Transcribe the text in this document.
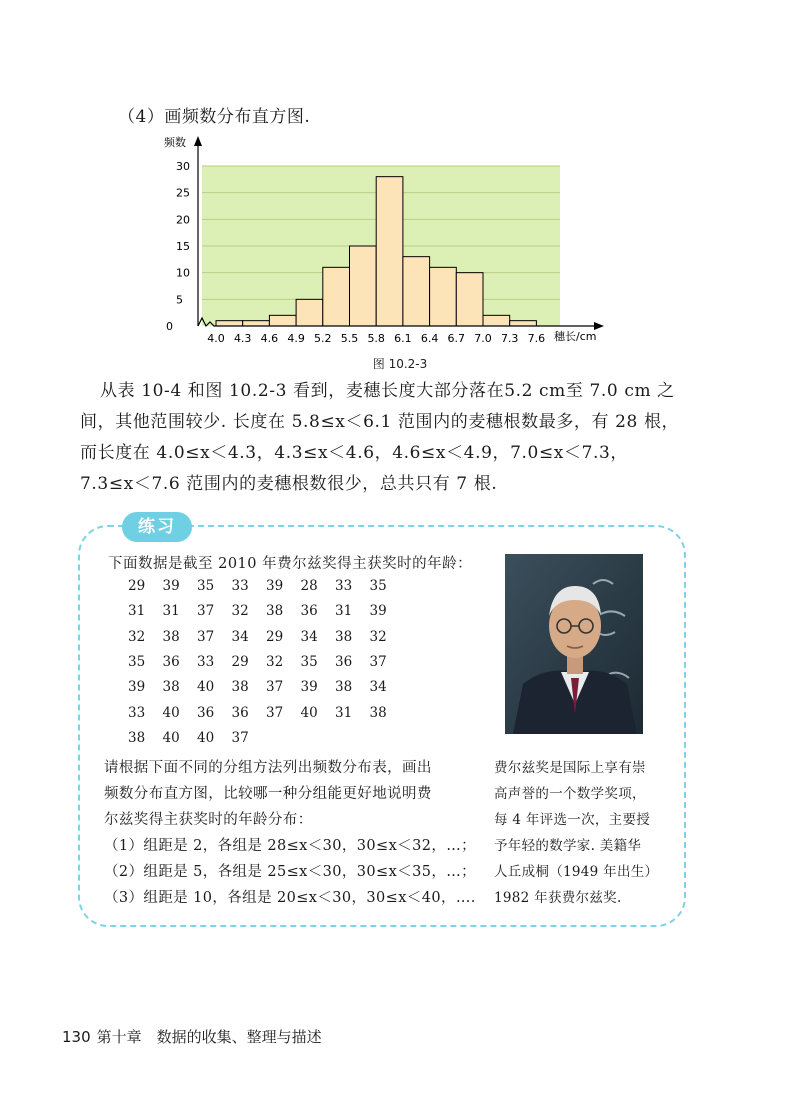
（4）画频数分布直方图.
0
5
10
15
20
25
30
4.0 4.3 4.6 4.9 5.2 5.5 5.8 6.1 6.4 6.7 7.0 7.3 7.6
频数
穗长/cm
图 10.2-3
从表 10-4 和图 10.2-3 看到，麦穗长度大部分落在5.2 cm至 7.0 cm 之
间，其他范围较少. 长度在 5.8≤x＜6.1 范围内的麦穗根数最多，有 28 根，
而长度在 4.0≤x＜4.3，4.3≤x＜4.6，4.6≤x＜4.9，7.0≤x＜7.3，
7.3≤x＜7.6 范围内的麦穗根数很少，总共只有 7 根.
练习
下面数据是截至 2010 年费尔兹奖得主获奖时的年龄：
29 39 35 33 39 28 33 35
31 31 37 32 38 36 31 39
32 38 37 34 29 34 38 32
35 36 33 29 32 35 36 37
39 38 40 38 37 39 38 34
33 40 36 36 37 40 31 38
38 40 40 37
请根据下面不同的分组方法列出频数分布表，画出
频数分布直方图，比较哪一种分组能更好地说明费
尔兹奖得主获奖时的年龄分布：
（1）组距是 2，各组是 28≤x＜30，30≤x＜32，…；
（2）组距是 5，各组是 25≤x＜30，30≤x＜35，…；
（3）组距是 10，各组是 20≤x＜30，30≤x＜40，….
费尔兹奖是国际上享有崇
高声誉的一个数学奖项，
每 4 年评选一次，主要授
予年轻的数学家. 美籍华
人丘成桐（1949 年出生）
1982 年获费尔兹奖.
130 第十章　数据的收集、整理与描述
